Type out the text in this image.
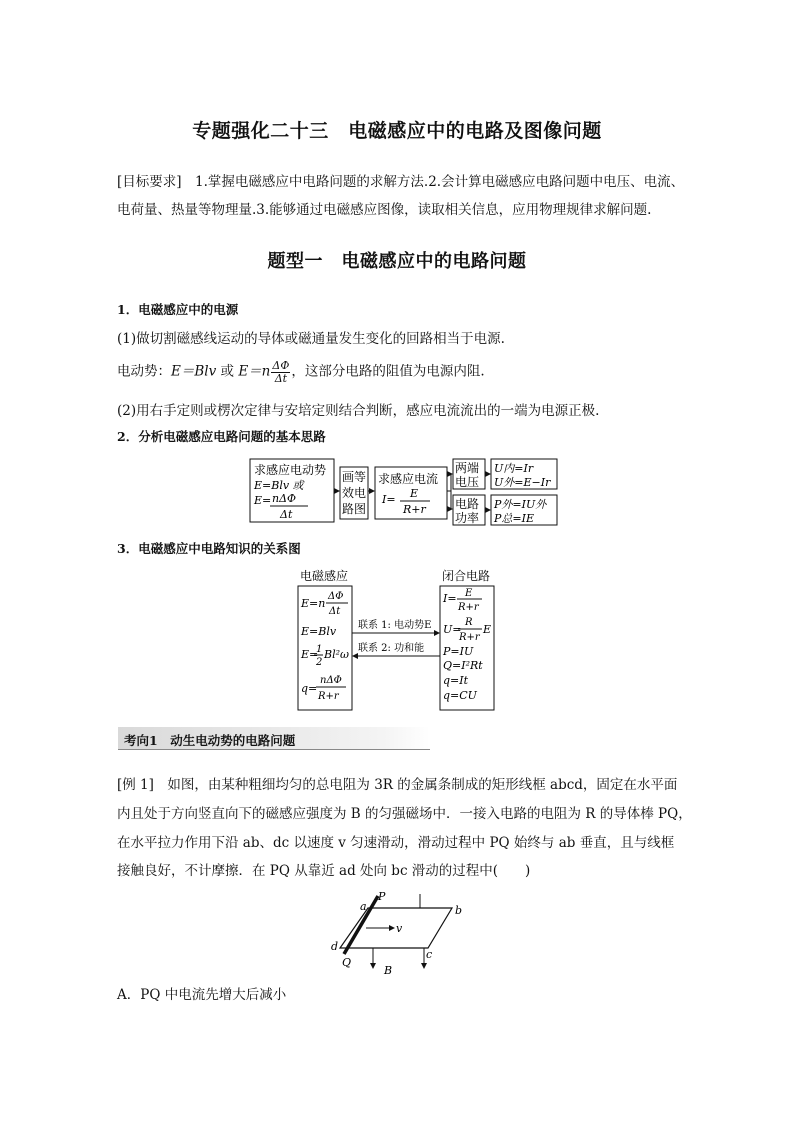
专题强化二十三　电磁感应中的电路及图像问题
[目标要求]　1.掌握电磁感应中电路问题的求解方法.2.会计算电磁感应电路问题中电压、电流、
电荷量、热量等物理量.3.能够通过电磁感应图像，读取相关信息，应用物理规律求解问题.
题型一　电磁感应中的电路问题
1．电磁感应中的电源
(1)做切割磁感线运动的导体或磁通量发生变化的回路相当于电源.
电动势：E＝Blv 或 $E=n \frac{\Delta\Phi}{\Delta t}$ ，这部分电路的阻值为电源内阻.
(2)用右手定则或楞次定律与安培定则结合判断，感应电流流出的一端为电源正极.
2．分析电磁感应电路问题的基本思路
求感应电动势
E=Blv 或
E= nΔΦ
Δt
画等
效电
路图
求感应电流
I= E
R+r
两端
电压
电路
功率
U内=Ir
U外=E−Ir
P外=IU外
P总=IE
3．电磁感应中电路知识的关系图
电磁感应	闭合电路
E=n
ΔΦ
Δt
E=Blv
E=
1
2
Bl²ω
q=
nΔΦ
R+r
联系 1: 电动势E
联系 2: 功和能
I= E
R+r
U=
R
R+r
E
P=IU
Q=I²Rt
q=It
q=CU
考向1　动生电动势的电路问题
[例 1]　如图，由某种粗细均匀的总电阻为 3R 的金属条制成的矩形线框 abcd，固定在水平面
内且处于方向竖直向下的磁感应强度为 B 的匀强磁场中．一接入电路的电阻为 R 的导体棒 PQ，
在水平拉力作用下沿 ab、dc 以速度 v 匀速滑动，滑动过程中 PQ 始终与 ab 垂直，且与线框
接触良好，不计摩擦．在 PQ 从靠近 ad 处向 bc 滑动的过程中(　　)
a	b
c
d
P
Q
v
B
A．PQ 中电流先增大后减小
